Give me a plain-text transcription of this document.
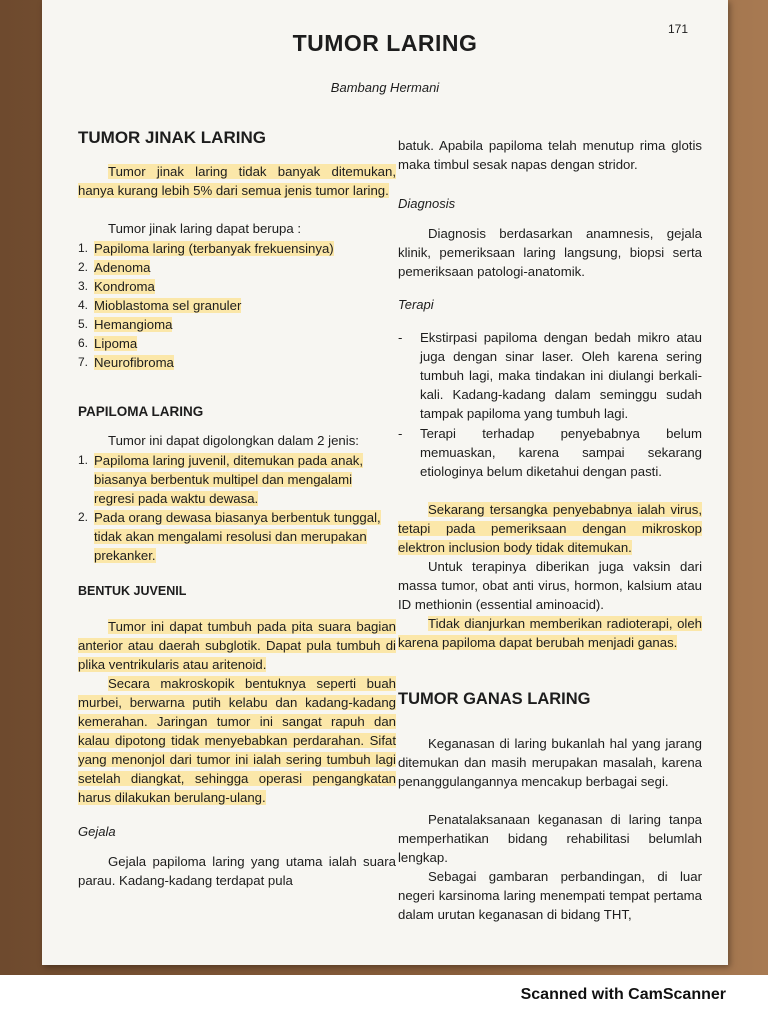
171
TUMOR LARING
Bambang Hermani
TUMOR JINAK LARING

Tumor jinak laring tidak banyak ditemukan, hanya kurang lebih 5% dari semua jenis tumor laring.

Tumor jinak laring dapat berupa :

1. Papiloma laring (terbanyak frekuensinya)
2. Adenoma
3. Kondroma
4. Mioblastoma sel granuler
5. Hemangioma
6. Lipoma
7. Neurofibroma
PAPILOMA LARING

Tumor ini dapat digolongkan dalam 2 jenis:

1. Papiloma laring juvenil, ditemukan pada anak, biasanya berbentuk multipel dan mengalami regresi pada waktu dewasa.
2. Pada orang dewasa biasanya berbentuk tunggal, tidak akan mengalami resolusi dan merupakan prekanker.
BENTUK JUVENIL

Tumor ini dapat tumbuh pada pita suara bagian anterior atau daerah subglotik. Dapat pula tumbuh di plika ventrikularis atau aritenoid.

Secara makroskopik bentuknya seperti buah murbei, berwarna putih kelabu dan kadang-kadang kemerahan. Jaringan tumor ini sangat rapuh dan kalau dipotong tidak menyebabkan perdarahan. Sifat yang menonjol dari tumor ini ialah sering tumbuh lagi setelah diangkat, sehingga operasi pengangkatan harus dilakukan berulang-ulang.

Gejala

Gejala papiloma laring yang utama ialah suara parau. Kadang-kadang terdapat pula

batuk. Apabila papiloma telah menutup rima glotis maka timbul sesak napas dengan stridor.

Diagnosis

Diagnosis berdasarkan anamnesis, gejala klinik, pemeriksaan laring langsung, biopsi serta pemeriksaan patologi-anatomik.

Terapi
-	Ekstirpasi papiloma dengan bedah mikro atau juga dengan sinar laser. Oleh karena sering tumbuh lagi, maka tindakan ini diulangi berkali-kali. Kadang-kadang dalam seminggu sudah tampak papiloma yang tumbuh lagi.
-	Terapi terhadap penyebabnya belum memuaskan, karena sampai sekarang etiologinya belum diketahui dengan pasti.

Sekarang tersangka penyebabnya ialah virus, tetapi pada pemeriksaan dengan mikroskop elektron inclusion body tidak ditemukan.

Untuk terapinya diberikan juga vaksin dari massa tumor, obat anti virus, hormon, kalsium atau ID methionin (essential aminoacid).

Tidak dianjurkan memberikan radioterapi, oleh karena papiloma dapat berubah menjadi ganas.

TUMOR GANAS LARING

Keganasan di laring bukanlah hal yang jarang ditemukan dan masih merupakan masalah, karena penanggulangannya mencakup berbagai segi.

Penatalaksanaan keganasan di laring tanpa memperhatikan bidang rehabilitasi belumlah lengkap.

Sebagai gambaran perbandingan, di luar negeri karsinoma laring menempati tempat pertama dalam urutan keganasan di bidang THT,

Scanned with CamScanner
